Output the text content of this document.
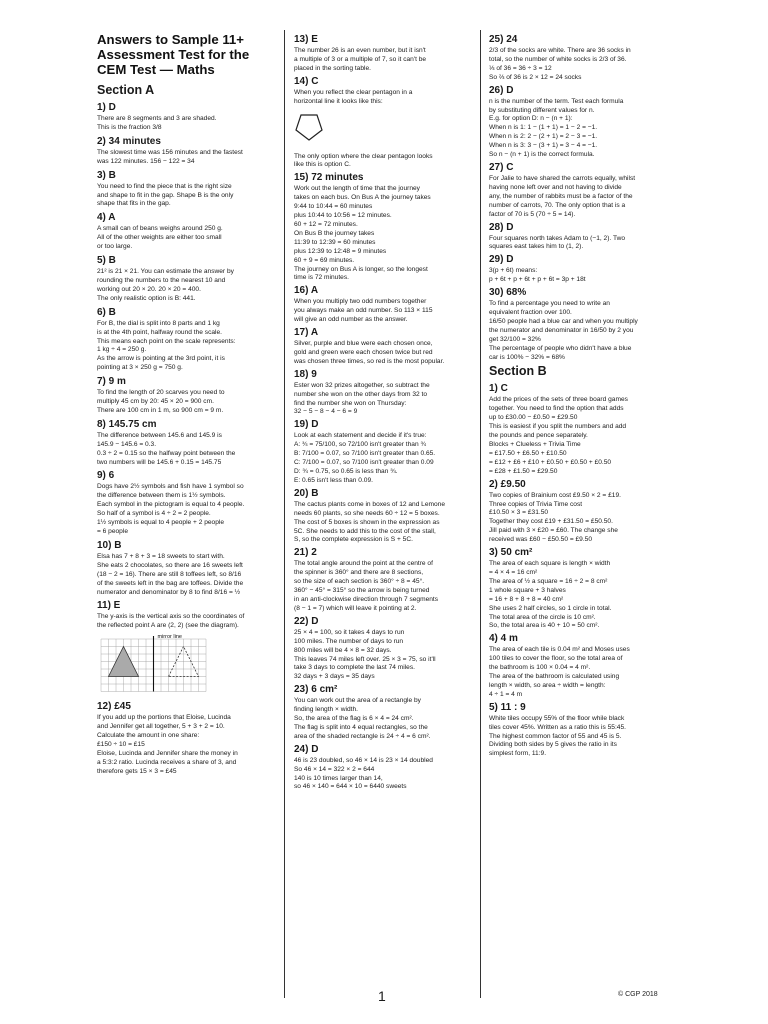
Answers to Sample 11+
Assessment Test for the
CEM Test — Maths
Section A
1) D
There are 8 segments and 3 are shaded.
This is the fraction 3/8
2) 34 minutes
The slowest time was 156 minutes and the fastest
was 122 minutes. 156 − 122 = 34
3) B
You need to find the piece that is the right size
and shape to fit in the gap. Shape B is the only
shape that fits in the gap.
4) A
A small can of beans weighs around 250 g.
All of the other weights are either too small
or too large.
5) B
21² is 21 × 21. You can estimate the answer by
rounding the numbers to the nearest 10 and
working out 20 × 20. 20 × 20 = 400.
The only realistic option is B: 441.
6) B
For B, the dial is split into 8 parts and 1 kg
is at the 4th point, halfway round the scale.
This means each point on the scale represents:
1 kg ÷ 4 = 250 g.
As the arrow is pointing at the 3rd point, it is
pointing at 3 × 250 g = 750 g.
7) 9 m
To find the length of 20 scarves you need to
multiply 45 cm by 20: 45 × 20 = 900 cm.
There are 100 cm in 1 m, so 900 cm = 9 m.
8) 145.75 cm
The difference between 145.6 and 145.9 is
145.9 − 145.6 = 0.3.
0.3 ÷ 2 = 0.15 so the halfway point between the
two numbers will be 145.6 + 0.15 = 145.75
9) 6
Dogs have 2½ symbols and fish have 1 symbol so
the difference between them is 1½ symbols.
Each symbol in the pictogram is equal to 4 people.
So half of a symbol is 4 ÷ 2 = 2 people.
1½ symbols is equal to 4 people + 2 people
= 6 people
10) B
Elsa has 7 + 8 + 3 = 18 sweets to start with.
She eats 2 chocolates, so there are 16 sweets left
(18 − 2 = 16). There are still 8 toffees left, so 8/16
of the sweets left in the bag are toffees. Divide the
numerator and denominator by 8 to find 8/16 = ½
11) E
The y-axis is the vertical axis so the coordinates of
the reflected point A are (2, 2) (see the diagram).
mirror line
12) £45
If you add up the portions that Eloise, Lucinda
and Jennifer get all together, 5 + 3 + 2 = 10.
Calculate the amount in one share:
£150 ÷ 10 = £15
Eloise, Lucinda and Jennifer share the money in
a 5:3:2 ratio. Lucinda receives a share of 3, and
therefore gets 15 × 3 = £45
13) E
The number 26 is an even number, but it isn't
a multiple of 3 or a multiple of 7, so it can't be
placed in the sorting table.
14) C
When you reflect the clear pentagon in a
horizontal line it looks like this:
The only option where the clear pentagon looks
like this is option C.
15) 72 minutes
Work out the length of time that the journey
takes on each bus. On Bus A the journey takes
9:44 to 10:44 = 60 minutes
plus 10:44 to 10:56 = 12 minutes.
60 + 12 = 72 minutes.
On Bus B the journey takes
11:39 to 12:39 = 60 minutes
plus 12:39 to 12:48 = 9 minutes
60 + 9 = 69 minutes.
The journey on Bus A is longer, so the longest
time is 72 minutes.
16) A
When you multiply two odd numbers together
you always make an odd number. So 113 × 115
will give an odd number as the answer.
17) A
Silver, purple and blue were each chosen once,
gold and green were each chosen twice but red
was chosen three times, so red is the most popular.
18) 9
Ester won 32 prizes altogether, so subtract the
number she won on the other days from 32 to
find the number she won on Thursday:
32 − 5 − 8 − 4 − 6 = 9
19) D
Look at each statement and decide if it's true:
A: ¾ = 75/100, so 72/100 isn't greater than ¾
B: 7/100 = 0.07, so 7/100 isn't greater than 0.65.
C: 7/100 = 0.07, so 7/100 isn't greater than 0.09
D: ¾ = 0.75, so 0.65 is less than ¾.
E: 0.65 isn't less than 0.09.
20) B
The cactus plants come in boxes of 12 and Lemone
needs 60 plants, so she needs 60 ÷ 12 = 5 boxes.
The cost of 5 boxes is shown in the expression as
5C. She needs to add this to the cost of the stall,
S, so the complete expression is S + 5C.
21) 2
The total angle around the point at the centre of
the spinner is 360° and there are 8 sections,
so the size of each section is 360° ÷ 8 = 45°.
360° − 45° = 315° so the arrow is being turned
in an anti-clockwise direction through 7 segments
(8 − 1 = 7) which will leave it pointing at 2.
22) D
25 × 4 = 100, so it takes 4 days to run
100 miles. The number of days to run
800 miles will be 4 × 8 = 32 days.
This leaves 74 miles left over. 25 × 3 = 75, so it'll
take 3 days to complete the last 74 miles.
32 days + 3 days = 35 days
23) 6 cm²
You can work out the area of a rectangle by
finding length × width.
So, the area of the flag is 6 × 4 = 24 cm².
The flag is split into 4 equal rectangles, so the
area of the shaded rectangle is 24 ÷ 4 = 6 cm².
24) D
46 is 23 doubled, so 46 × 14 is 23 × 14 doubled
So 46 × 14 = 322 × 2 = 644
140 is 10 times larger than 14,
so 46 × 140 = 644 × 10 = 6440 sweets
25) 24
2/3 of the socks are white. There are 36 socks in
total, so the number of white socks is 2/3 of 36.
⅓ of 36 = 36 ÷ 3 = 12
So ⅔ of 36 is 2 × 12 = 24 socks
26) D
n is the number of the term. Test each formula
by substituting different values for n.
E.g. for option D: n − (n + 1):
When n is 1: 1 − (1 + 1) = 1 − 2 = −1.
When n is 2: 2 − (2 + 1) = 2 − 3 = −1.
When n is 3: 3 − (3 + 1) = 3 − 4 = −1.
So n − (n + 1) is the correct formula.
27) C
For Jalie to have shared the carrots equally, whilst
having none left over and not having to divide
any, the number of rabbits must be a factor of the
number of carrots, 70. The only option that is a
factor of 70 is 5 (70 ÷ 5 = 14).
28) D
Four squares north takes Adam to (−1, 2). Two
squares east takes him to (1, 2).
29) D
3(p + 6t) means:
p + 6t + p + 6t + p + 6t = 3p + 18t
30) 68%
To find a percentage you need to write an
equivalent fraction over 100.
16/50 people had a blue car and when you multiply
the numerator and denominator in 16/50 by 2 you
get 32/100 = 32%
The percentage of people who didn't have a blue
car is 100% − 32% = 68%
Section B
1) C
Add the prices of the sets of three board games
together. You need to find the option that adds
up to £30.00 − £0.50 = £29.50
This is easiest if you split the numbers and add
the pounds and pence separately.
Blocks + Clueless + Trivia Time
= £17.50 + £6.50 + £10.50
= £12 + £6 + £10 + £0.50 + £0.50 + £0.50
= £28 + £1.50 = £29.50
2) £9.50
Two copies of Brainium cost £9.50 × 2 = £19.
Three copies of Trivia Time cost
£10.50 × 3 = £31.50
Together they cost £19 + £31.50 = £50.50.
Jill paid with 3 × £20 = £60. The change she
received was £60 − £50.50 = £9.50
3) 50 cm²
The area of each square is length × width
= 4 × 4 = 16 cm²
The area of ½ a square = 16 ÷ 2 = 8 cm²
1 whole square + 3 halves
= 16 + 8 + 8 + 8 = 40 cm²
She uses 2 half circles, so 1 circle in total.
The total area of the circle is 10 cm².
So, the total area is 40 + 10 = 50 cm².
4) 4 m
The area of each tile is 0.04 m² and Moses uses
100 tiles to cover the floor, so the total area of
the bathroom is 100 × 0.04 = 4 m².
The area of the bathroom is calculated using
length × width, so area ÷ width = length:
4 ÷ 1 = 4 m
5) 11 : 9
White tiles occupy 55% of the floor while black
tiles cover 45%. Written as a ratio this is 55:45.
The highest common factor of 55 and 45 is 5.
Dividing both sides by 5 gives the ratio in its
simplest form, 11:9.
1	© CGP 2018
